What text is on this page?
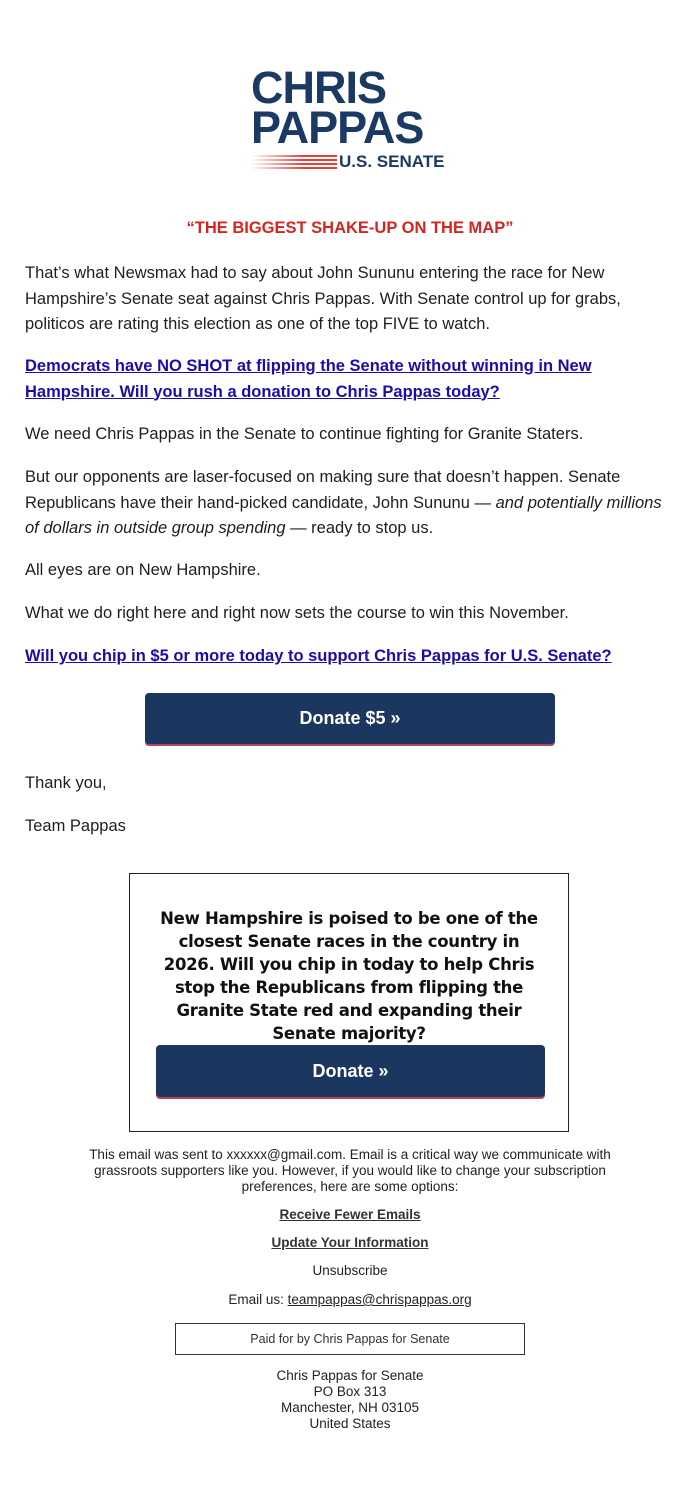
CHRIS
PAPPAS
U.S. SENATE
“THE BIGGEST SHAKE-UP ON THE MAP”

That’s what Newsmax had to say about John Sununu entering the race for New Hampshire’s Senate seat against Chris Pappas. With Senate control up for grabs, politicos are rating this election as one of the top FIVE to watch.

Democrats have NO SHOT at flipping the Senate without winning in New Hampshire. Will you rush a donation to Chris Pappas today?

We need Chris Pappas in the Senate to continue fighting for Granite Staters.

But our opponents are laser-focused on making sure that doesn’t happen. Senate Republicans have their hand-picked candidate, John Sununu — and potentially millions of dollars in outside group spending — ready to stop us.

All eyes are on New Hampshire.

What we do right here and right now sets the course to win this November.

Will you chip in $5 or more today to support Chris Pappas for U.S. Senate?

Donate $5 »

Thank you,

Team Pappas

New Hampshire is poised to be one of the closest Senate races in the country in 2026. Will you chip in today to help Chris stop the Republicans from flipping the Granite State red and expanding their Senate majority?
Donate »
This email was sent to xxxxxx@gmail.com. Email is a critical way we communicate with grassroots supporters like you. However, if you would like to change your subscription preferences, here are some options:
Receive Fewer Emails
Update Your Information
Unsubscribe
Email us: teampappas@chrispappas.org
Paid for by Chris Pappas for Senate
Chris Pappas for Senate
PO Box 313
Manchester, NH 03105
United States
